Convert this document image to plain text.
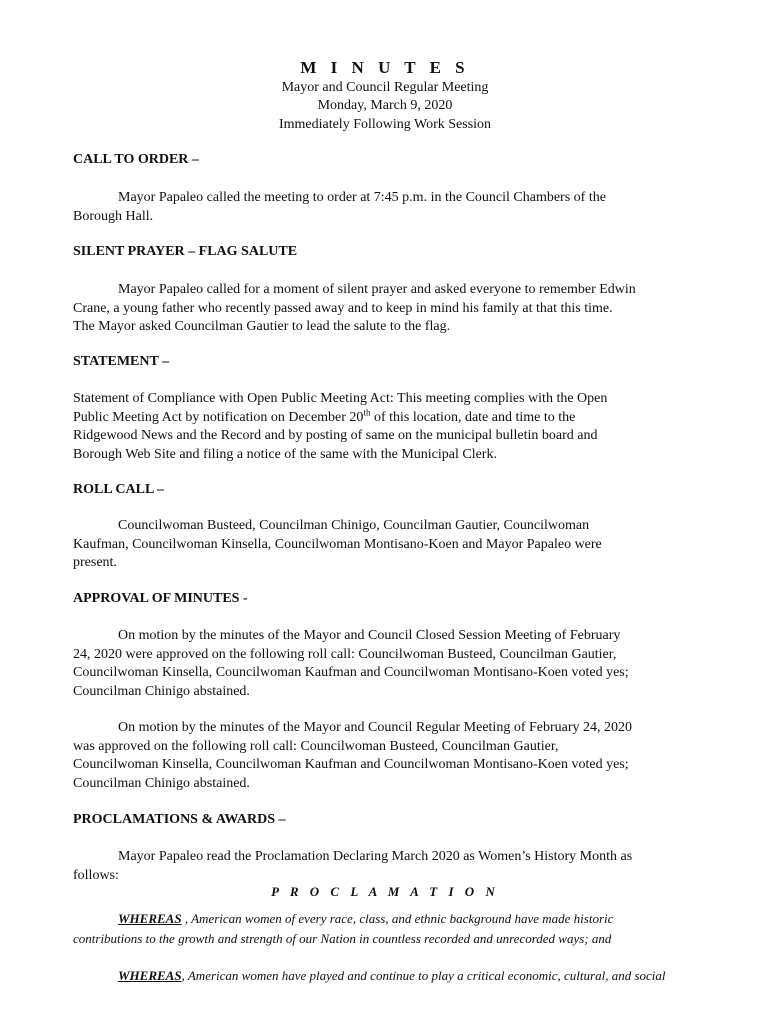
M I N U T E S
Mayor and Council Regular Meeting
Monday, March 9, 2020
Immediately Following Work Session
CALL TO ORDER –
Mayor Papaleo called the meeting to order at 7:45 p.m. in the Council Chambers of the
Borough Hall.
SILENT PRAYER – FLAG SALUTE
Mayor Papaleo called for a moment of silent prayer and asked everyone to remember Edwin
Crane, a young father who recently passed away and to keep in mind his family at that this time.
The Mayor asked Councilman Gautier to lead the salute to the flag.
STATEMENT –
Statement of Compliance with Open Public Meeting Act: This meeting complies with the Open
Public Meeting Act by notification on December 20th of this location, date and time to the
Ridgewood News and the Record and by posting of same on the municipal bulletin board and
Borough Web Site and filing a notice of the same with the Municipal Clerk.
ROLL CALL –
Councilwoman Busteed, Councilman Chinigo, Councilman Gautier, Councilwoman
Kaufman, Councilwoman Kinsella, Councilwoman Montisano-Koen and Mayor Papaleo were
present.
APPROVAL OF MINUTES -
On motion by the minutes of the Mayor and Council Closed Session Meeting of February
24, 2020 were approved on the following roll call: Councilwoman Busteed, Councilman Gautier,
Councilwoman Kinsella, Councilwoman Kaufman and Councilwoman Montisano-Koen voted yes;
Councilman Chinigo abstained.
On motion by the minutes of the Mayor and Council Regular Meeting of February 24, 2020
was approved on the following roll call: Councilwoman Busteed, Councilman Gautier,
Councilwoman Kinsella, Councilwoman Kaufman and Councilwoman Montisano-Koen voted yes;
Councilman Chinigo abstained.
PROCLAMATIONS & AWARDS –
Mayor Papaleo read the Proclamation Declaring March 2020 as Women’s History Month as
follows:
P R O C L A M A T I O N
WHEREAS , American women of every race, class, and ethnic background have made historic
contributions to the growth and strength of our Nation in countless recorded and unrecorded ways; and
WHEREAS, American women have played and continue to play a critical economic, cultural, and social
